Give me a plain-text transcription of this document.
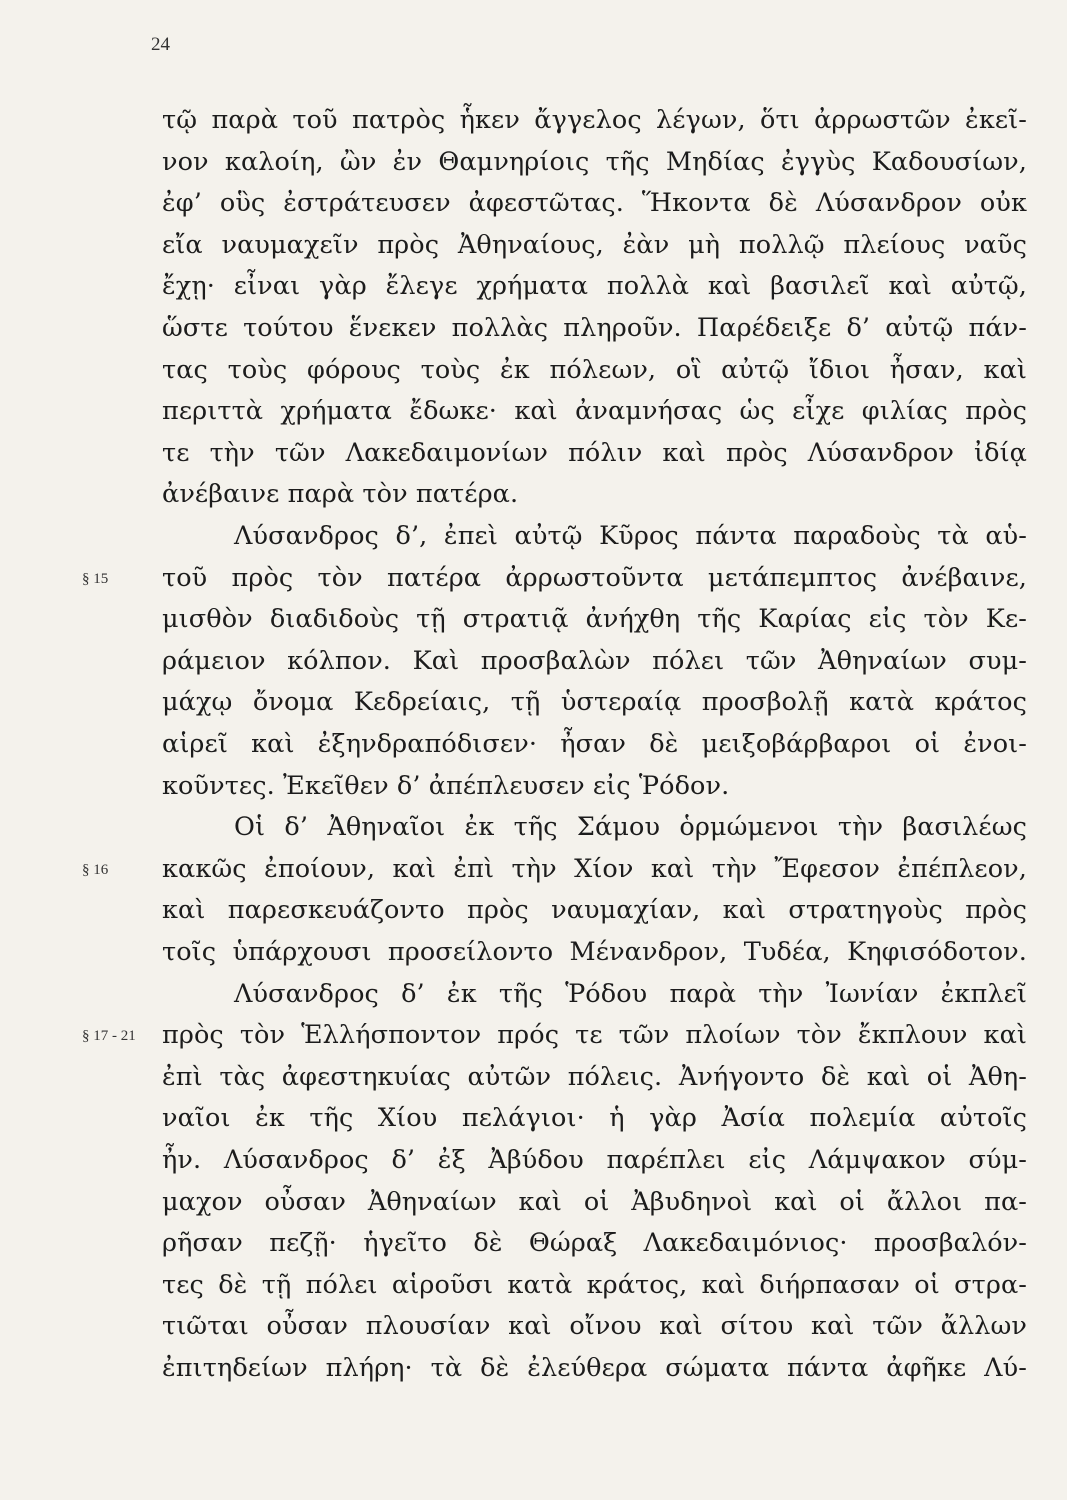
24
τῷ παρὰ τοῦ πατρὸς ἧκεν ἄγγελος λέγων, ὅτι ἀρρωστῶν ἐκεῖ-
νον καλοίη, ὢν ἐν Θαμνηρίοις τῆς Μηδίας ἐγγὺς Καδουσίων,
ἐφ’ οὓς ἐστράτευσεν ἀφεστῶτας. Ἥκοντα δὲ Λύσανδρον οὐκ
εἴα ναυμαχεῖν πρὸς Ἀθηναίους, ἐὰν μὴ πολλῷ πλείους ναῦς
ἔχῃ· εἶναι γὰρ ἔλεγε χρήματα πολλὰ καὶ βασιλεῖ καὶ αὐτῷ,
ὥστε τούτου ἕνεκεν πολλὰς πληροῦν. Παρέδειξε δ’ αὐτῷ πάν-
τας τοὺς φόρους τοὺς ἐκ πόλεων, οἳ αὐτῷ ἴδιοι ἦσαν, καὶ
περιττὰ χρήματα ἔδωκε· καὶ ἀναμνήσας ὡς εἶχε φιλίας πρὸς
τε τὴν τῶν Λακεδαιμονίων πόλιν καὶ πρὸς Λύσανδρον ἰδίᾳ
ἀνέβαινε παρὰ τὸν πατέρα.
Λύσανδρος δ’, ἐπεὶ αὐτῷ Κῦρος πάντα παραδοὺς τὰ αὑ-
τοῦ πρὸς τὸν πατέρα ἀρρωστοῦντα μετάπεμπτος ἀνέβαινε,
μισθὸν διαδιδοὺς τῇ στρατιᾷ ἀνήχθη τῆς Καρίας εἰς τὸν Κε-
ράμειον κόλπον. Καὶ προσβαλὼν πόλει τῶν Ἀθηναίων συμ-
μάχῳ ὄνομα Κεδρείαις, τῇ ὑστεραίᾳ προσβολῇ κατὰ κράτος
αἱρεῖ καὶ ἐξηνδραπόδισεν· ἦσαν δὲ μειξοβάρβαροι οἱ ἐνοι-
κοῦντες. Ἐκεῖθεν δ’ ἀπέπλευσεν εἰς Ῥόδον.
Οἱ δ’ Ἀθηναῖοι ἐκ τῆς Σάμου ὁρμώμενοι τὴν βασιλέως
κακῶς ἐποίουν, καὶ ἐπὶ τὴν Χίον καὶ τὴν Ἔφεσον ἐπέπλεον,
καὶ παρεσκευάζοντο πρὸς ναυμαχίαν, καὶ στρατηγοὺς πρὸς
τοῖς ὑπάρχουσι προσείλοντο Μένανδρον, Τυδέα, Κηφισόδοτον.
Λύσανδρος δ’ ἐκ τῆς Ῥόδου παρὰ τὴν Ἰωνίαν ἐκπλεῖ
πρὸς τὸν Ἑλλήσποντον πρός τε τῶν πλοίων τὸν ἔκπλουν καὶ
ἐπὶ τὰς ἀφεστηκυίας αὐτῶν πόλεις. Ἀνήγοντο δὲ καὶ οἱ Ἀθη-
ναῖοι ἐκ τῆς Χίου πελάγιοι· ἡ γὰρ Ἀσία πολεμία αὐτοῖς
ἦν. Λύσανδρος δ’ ἐξ Ἀβύδου παρέπλει εἰς Λάμψακον σύμ-
μαχον οὖσαν Ἀθηναίων καὶ οἱ Ἀβυδηνοὶ καὶ οἱ ἄλλοι πα-
ρῆσαν πεζῇ· ἡγεῖτο δὲ Θώραξ Λακεδαιμόνιος· προσβαλόν-
τες δὲ τῇ πόλει αἱροῦσι κατὰ κράτος, καὶ διήρπασαν οἱ στρα-
τιῶται οὖσαν πλουσίαν καὶ οἴνου καὶ σίτου καὶ τῶν ἄλλων
ἐπιτηδείων πλήρη· τὰ δὲ ἐλεύθερα σώματα πάντα ἀφῆκε Λύ-
§ 15
§ 16
§ 17 - 21
